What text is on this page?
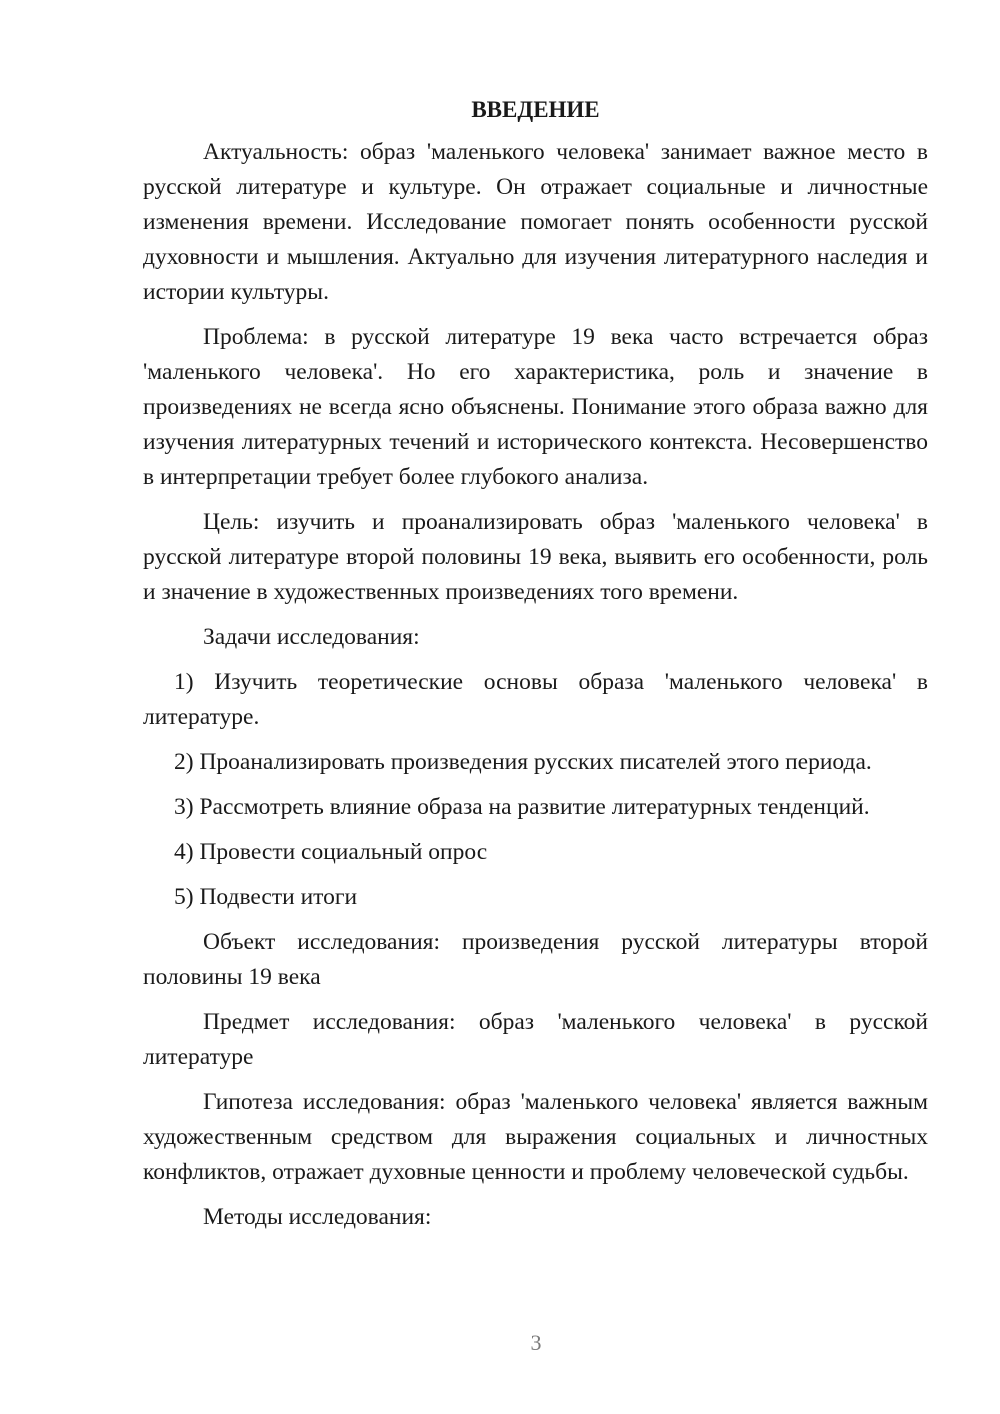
ВВЕДЕНИЕ

Актуальность: образ 'маленького человека' занимает важное место в русской литературе и культуре. Он отражает социальные и личностные изменения времени. Исследование помогает понять особенности русской духовности и мышления. Актуально для изучения литературного наследия и истории культуры.

Проблема: в русской литературе 19 века часто встречается образ 'маленького человека'. Но его характеристика, роль и значение в произведениях не всегда ясно объяснены. Понимание этого образа важно для изучения литературных течений и исторического контекста. Несовершенство в интерпретации требует более глубокого анализа.

Цель: изучить и проанализировать образ 'маленького человека' в русской литературе второй половины 19 века, выявить его особенности, роль и значение в художественных произведениях того времени.

Задачи исследования:

1) Изучить теоретические основы образа 'маленького человека' в литературе.

2) Проанализировать произведения русских писателей этого периода.

3) Рассмотреть влияние образа на развитие литературных тенденций.

4) Провести социальный опрос

5) Подвести итоги

Объект исследования: произведения русской литературы второй половины 19 века

Предмет исследования: образ 'маленького человека' в русской литературе

Гипотеза исследования: образ 'маленького человека' является важным художественным средством для выражения социальных и личностных конфликтов, отражает духовные ценности и проблему человеческой судьбы.

Методы исследования:

3
